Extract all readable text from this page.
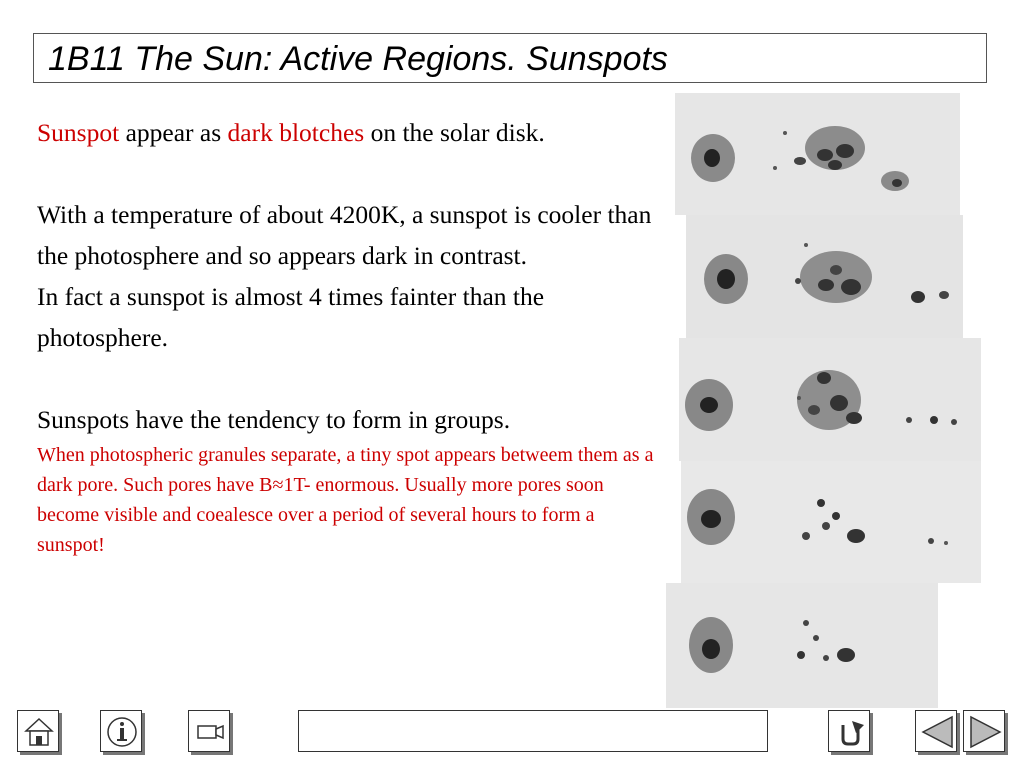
1B11 The Sun: Active Regions. Sunspots

Sunspot appear as dark blotches on the solar disk.

With a temperature of about 4200K, a sunspot is cooler than the photosphere and so appears dark in contrast.

In fact a sunspot is almost 4 times fainter than the photosphere.

Sunspots have the tendency to form in groups.

When photospheric granules separate, a tiny spot appears betweem them as a dark pore. Such pores have B≈1T- enormous. Usually more pores soon become visible and coealesce over a period of several hours to form a sunspot!
